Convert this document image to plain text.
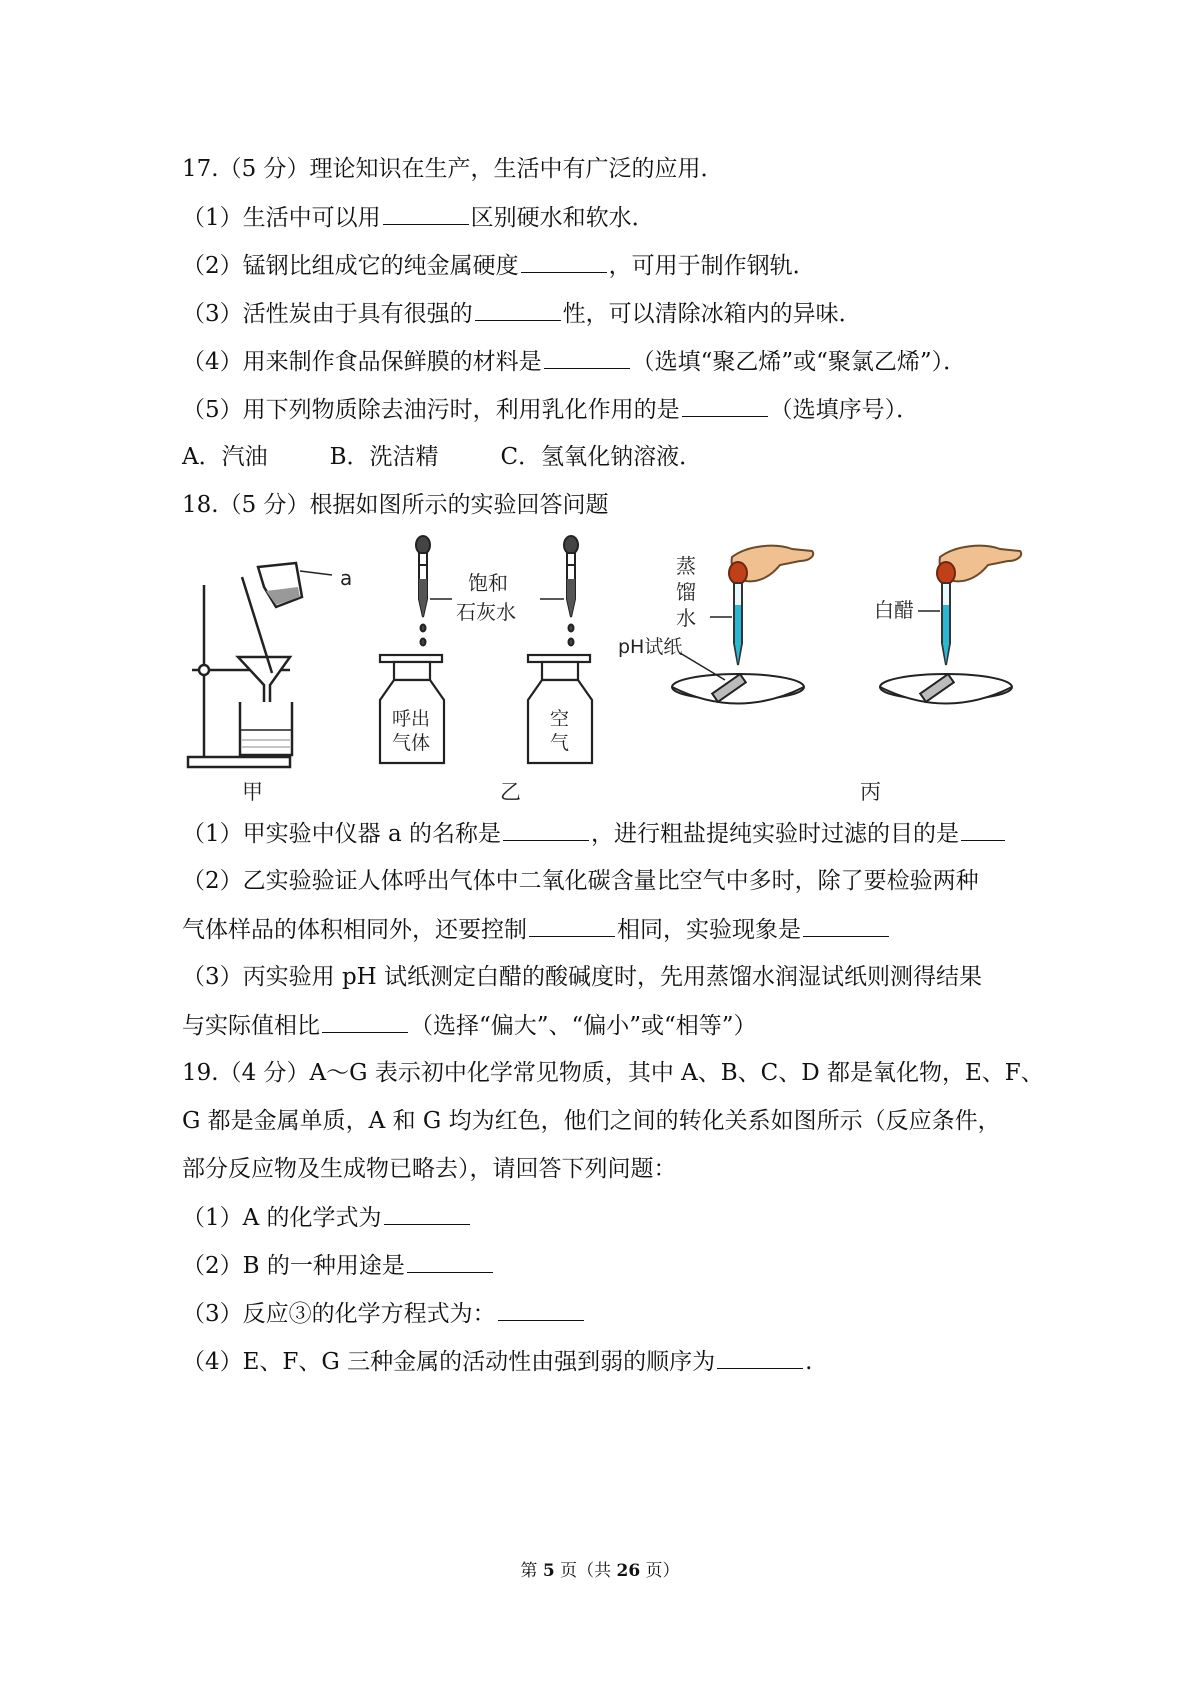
17.（5 分）理论知识在生产，生活中有广泛的应用．
（1）生活中可以用	区别硬水和软水．
（2）锰钢比组成它的纯金属硬度	，可用于制作钢轨．
（3）活性炭由于具有很强的	性，可以清除冰箱内的异味．
（4）用来制作食品保鲜膜的材料是	（选填“聚乙烯”或“聚氯乙烯”）．
（5）用下列物质除去油污时，利用乳化作用的是	（选填序号）．
A．汽油	B．洗洁精	C．氢氧化钠溶液．
18.（5 分）根据如图所示的实验回答问题
a	饱和
石灰水
呼出
气体
空
气
蒸
馏
水
pH试纸
白醋
甲	乙	丙
（1）甲实验中仪器 a 的名称是	，进行粗盐提纯实验时过滤的目的是
（2）乙实验验证人体呼出气体中二氧化碳含量比空气中多时，除了要检验两种
气体样品的体积相同外，还要控制	相同，实验现象是
（3）丙实验用 pH 试纸测定白醋的酸碱度时，先用蒸馏水润湿试纸则测得结果
与实际值相比	（选择“偏大”、“偏小”或“相等”）
19.（4 分）A～G 表示初中化学常见物质，其中 A、B、C、D 都是氧化物，E、F、
G 都是金属单质，A 和 G 均为红色，他们之间的转化关系如图所示（反应条件，
部分反应物及生成物已略去），请回答下列问题：
（1）A 的化学式为
（2）B 的一种用途是
（3）反应③的化学方程式为：
（4）E、F、G 三种金属的活动性由强到弱的顺序为	.
第 5 页（共 26 页）
